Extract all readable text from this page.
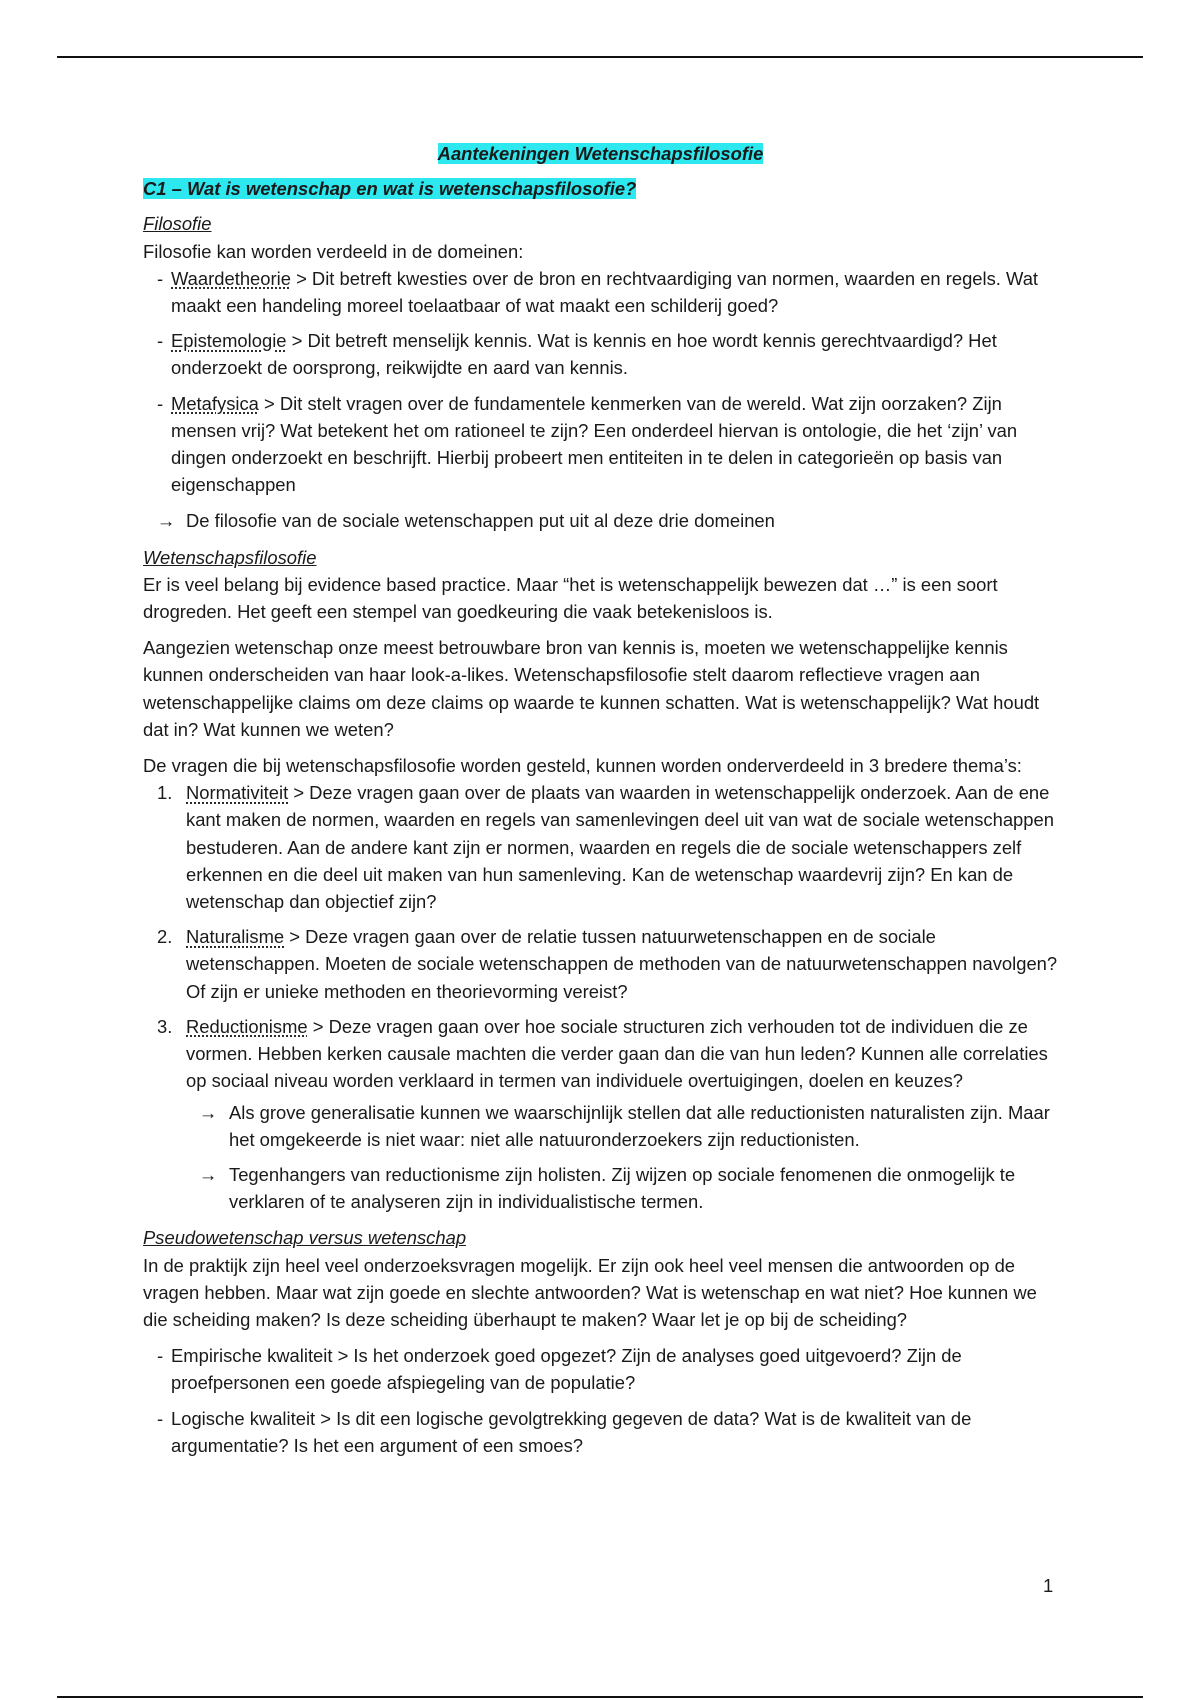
Aantekeningen Wetenschapsfilosofie
C1 – Wat is wetenschap en wat is wetenschapsfilosofie?
Filosofie
Filosofie kan worden verdeeld in de domeinen:
- Waardetheorie > Dit betreft kwesties over de bron en rechtvaardiging van normen, waarden en regels. Wat maakt een handeling moreel toelaatbaar of wat maakt een schilderij goed?
- Epistemologie > Dit betreft menselijk kennis. Wat is kennis en hoe wordt kennis gerechtvaardigd? Het onderzoekt de oorsprong, reikwijdte en aard van kennis.
- Metafysica > Dit stelt vragen over de fundamentele kenmerken van de wereld. Wat zijn oorzaken? Zijn mensen vrij? Wat betekent het om rationeel te zijn? Een onderdeel hiervan is ontologie, die het ‘zijn’ van dingen onderzoekt en beschrijft. Hierbij probeert men entiteiten in te delen in categorieën op basis van eigenschappen
→ De filosofie van de sociale wetenschappen put uit al deze drie domeinen
Wetenschapsfilosofie

Er is veel belang bij evidence based practice. Maar “het is wetenschappelijk bewezen dat …” is een soort drogreden. Het geeft een stempel van goedkeuring die vaak betekenisloos is.

Aangezien wetenschap onze meest betrouwbare bron van kennis is, moeten we wetenschappelijke kennis kunnen onderscheiden van haar look-a-likes. Wetenschapsfilosofie stelt daarom reflectieve vragen aan wetenschappelijke claims om deze claims op waarde te kunnen schatten. Wat is wetenschappelijk? Wat houdt dat in? Wat kunnen we weten?

De vragen die bij wetenschapsfilosofie worden gesteld, kunnen worden onderverdeeld in 3 bredere thema’s:

1. Normativiteit > Deze vragen gaan over de plaats van waarden in wetenschappelijk onderzoek. Aan de ene kant maken de normen, waarden en regels van samenlevingen deel uit van wat de sociale wetenschappen bestuderen. Aan de andere kant zijn er normen, waarden en regels die de sociale wetenschappers zelf erkennen en die deel uit maken van hun samenleving. Kan de wetenschap waardevrij zijn? En kan de wetenschap dan objectief zijn?
2. Naturalisme > Deze vragen gaan over de relatie tussen natuurwetenschappen en de sociale wetenschappen. Moeten de sociale wetenschappen de methoden van de natuurwetenschappen navolgen? Of zijn er unieke methoden en theorievorming vereist?
3. Reductionisme > Deze vragen gaan over hoe sociale structuren zich verhouden tot de individuen die ze vormen. Hebben kerken causale machten die verder gaan dan die van hun leden? Kunnen alle correlaties op sociaal niveau worden verklaard in termen van individuele overtuigingen, doelen en keuzes?
→ Als grove generalisatie kunnen we waarschijnlijk stellen dat alle reductionisten naturalisten zijn. Maar het omgekeerde is niet waar: niet alle natuuronderzoekers zijn reductionisten.
→ Tegenhangers van reductionisme zijn holisten. Zij wijzen op sociale fenomenen die onmogelijk te verklaren of te analyseren zijn in individualistische termen.
Pseudowetenschap versus wetenschap

In de praktijk zijn heel veel onderzoeksvragen mogelijk. Er zijn ook heel veel mensen die antwoorden op de vragen hebben. Maar wat zijn goede en slechte antwoorden? Wat is wetenschap en wat niet? Hoe kunnen we die scheiding maken? Is deze scheiding überhaupt te maken? Waar let je op bij de scheiding?

- Empirische kwaliteit > Is het onderzoek goed opgezet? Zijn de analyses goed uitgevoerd? Zijn de proefpersonen een goede afspiegeling van de populatie?
- Logische kwaliteit > Is dit een logische gevolgtrekking gegeven de data? Wat is de kwaliteit van de argumentatie? Is het een argument of een smoes?
1
